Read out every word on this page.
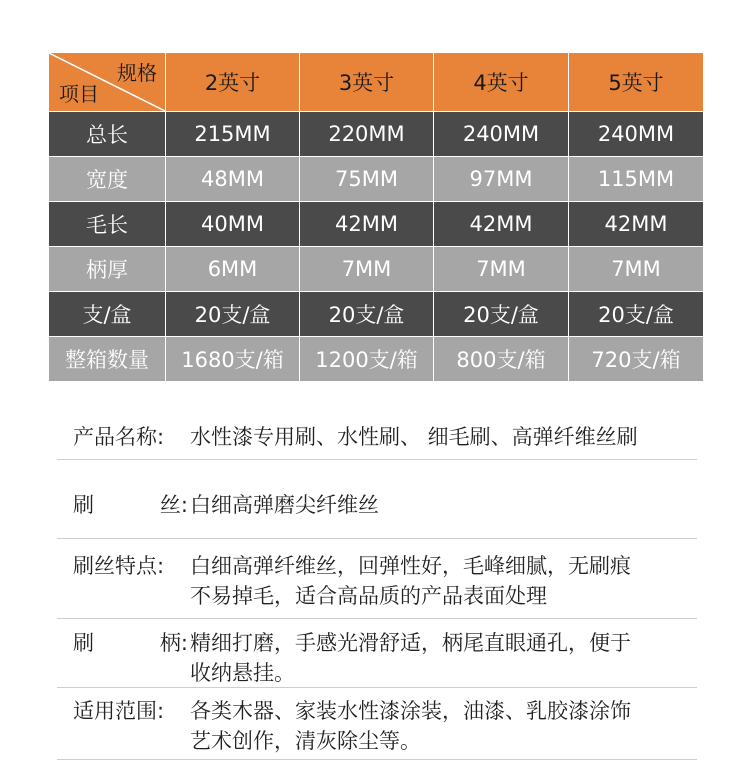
规格
项目	2英寸	3英寸	4英寸	5英寸
总长	215MM	220MM	240MM	240MM
宽度	48MM	75MM	97MM	115MM
毛长	40MM	42MM	42MM	42MM
柄厚	6MM	7MM	7MM	7MM
支/盒	20支/盒	20支/盒	20支/盒	20支/盒
整箱数量	1680支/箱	1200支/箱	800支/箱	720支/箱
产品名称: 水性漆专用刷、水性刷、 细毛刷、高弹纤维丝刷
刷	丝: 白细高弹磨尖纤维丝
刷丝特点: 白细高弹纤维丝，回弹性好，毛峰细腻，无刷痕
不易掉毛，适合高品质的产品表面处理
刷	柄: 精细打磨，手感光滑舒适，柄尾直眼通孔，便于
收纳悬挂。
适用范围: 各类木器、家装水性漆涂装，油漆、乳胶漆涂饰
艺术创作，清灰除尘等。
